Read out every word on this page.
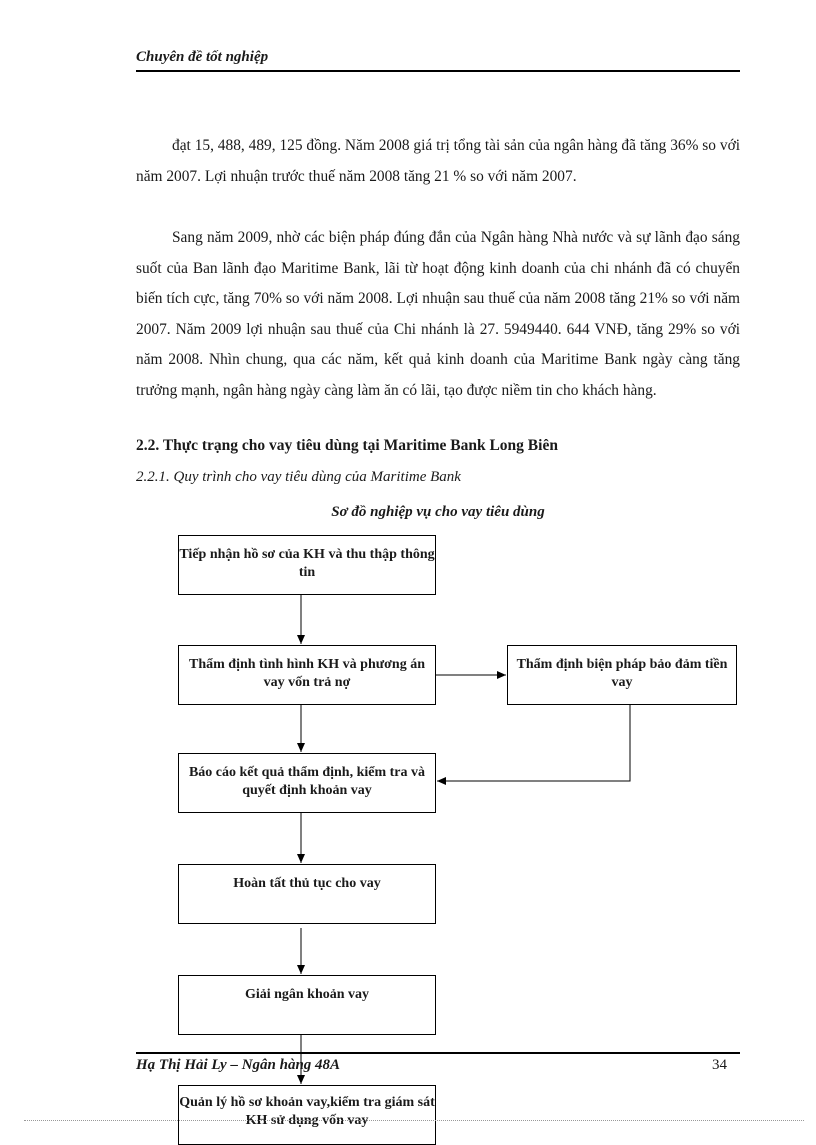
Chuyên đề tốt nghiệp

đạt 15, 488, 489, 125 đồng. Năm 2008 giá trị tổng tài sản của ngân hàng đã tăng 36% so với năm 2007. Lợi nhuận trước thuế năm 2008 tăng 21 % so với năm 2007.

Sang năm 2009, nhờ các biện pháp đúng đắn của Ngân hàng Nhà nước và sự lãnh đạo sáng suốt của Ban lãnh đạo Maritime Bank, lãi từ hoạt động kinh doanh của chi nhánh đã có chuyển biến tích cực, tăng 70% so với năm 2008. Lợi nhuận sau thuế của năm 2008 tăng 21% so với năm 2007. Năm 2009 lợi nhuận sau thuế của Chi nhánh là 27. 5949440. 644 VNĐ, tăng 29% so với năm 2008. Nhìn chung, qua các năm, kết quả kinh doanh của Maritime Bank ngày càng tăng trưởng mạnh, ngân hàng ngày càng làm ăn có lãi, tạo được niềm tin cho khách hàng.

2.2. Thực trạng cho vay tiêu dùng tại Maritime Bank Long Biên

2.2.1. Quy trình cho vay tiêu dùng của Maritime Bank

Sơ đồ nghiệp vụ cho vay tiêu dùng
Tiếp nhận hồ sơ của KH và thu thập thông tin
Thẩm định tình hình KH và phương án vay vốn trả nợ
Thẩm định biện pháp bảo đảm tiền vay
Báo cáo kết quả thẩm định, kiểm tra và quyết định khoản vay
Hoàn tất thủ tục cho vay
Giải ngân khoản vay
Hạ Thị Hải Ly – Ngân hàng 48A	34
Quản lý hồ sơ khoản vay,kiểm tra giám sát KH sử dụng vốn vay
